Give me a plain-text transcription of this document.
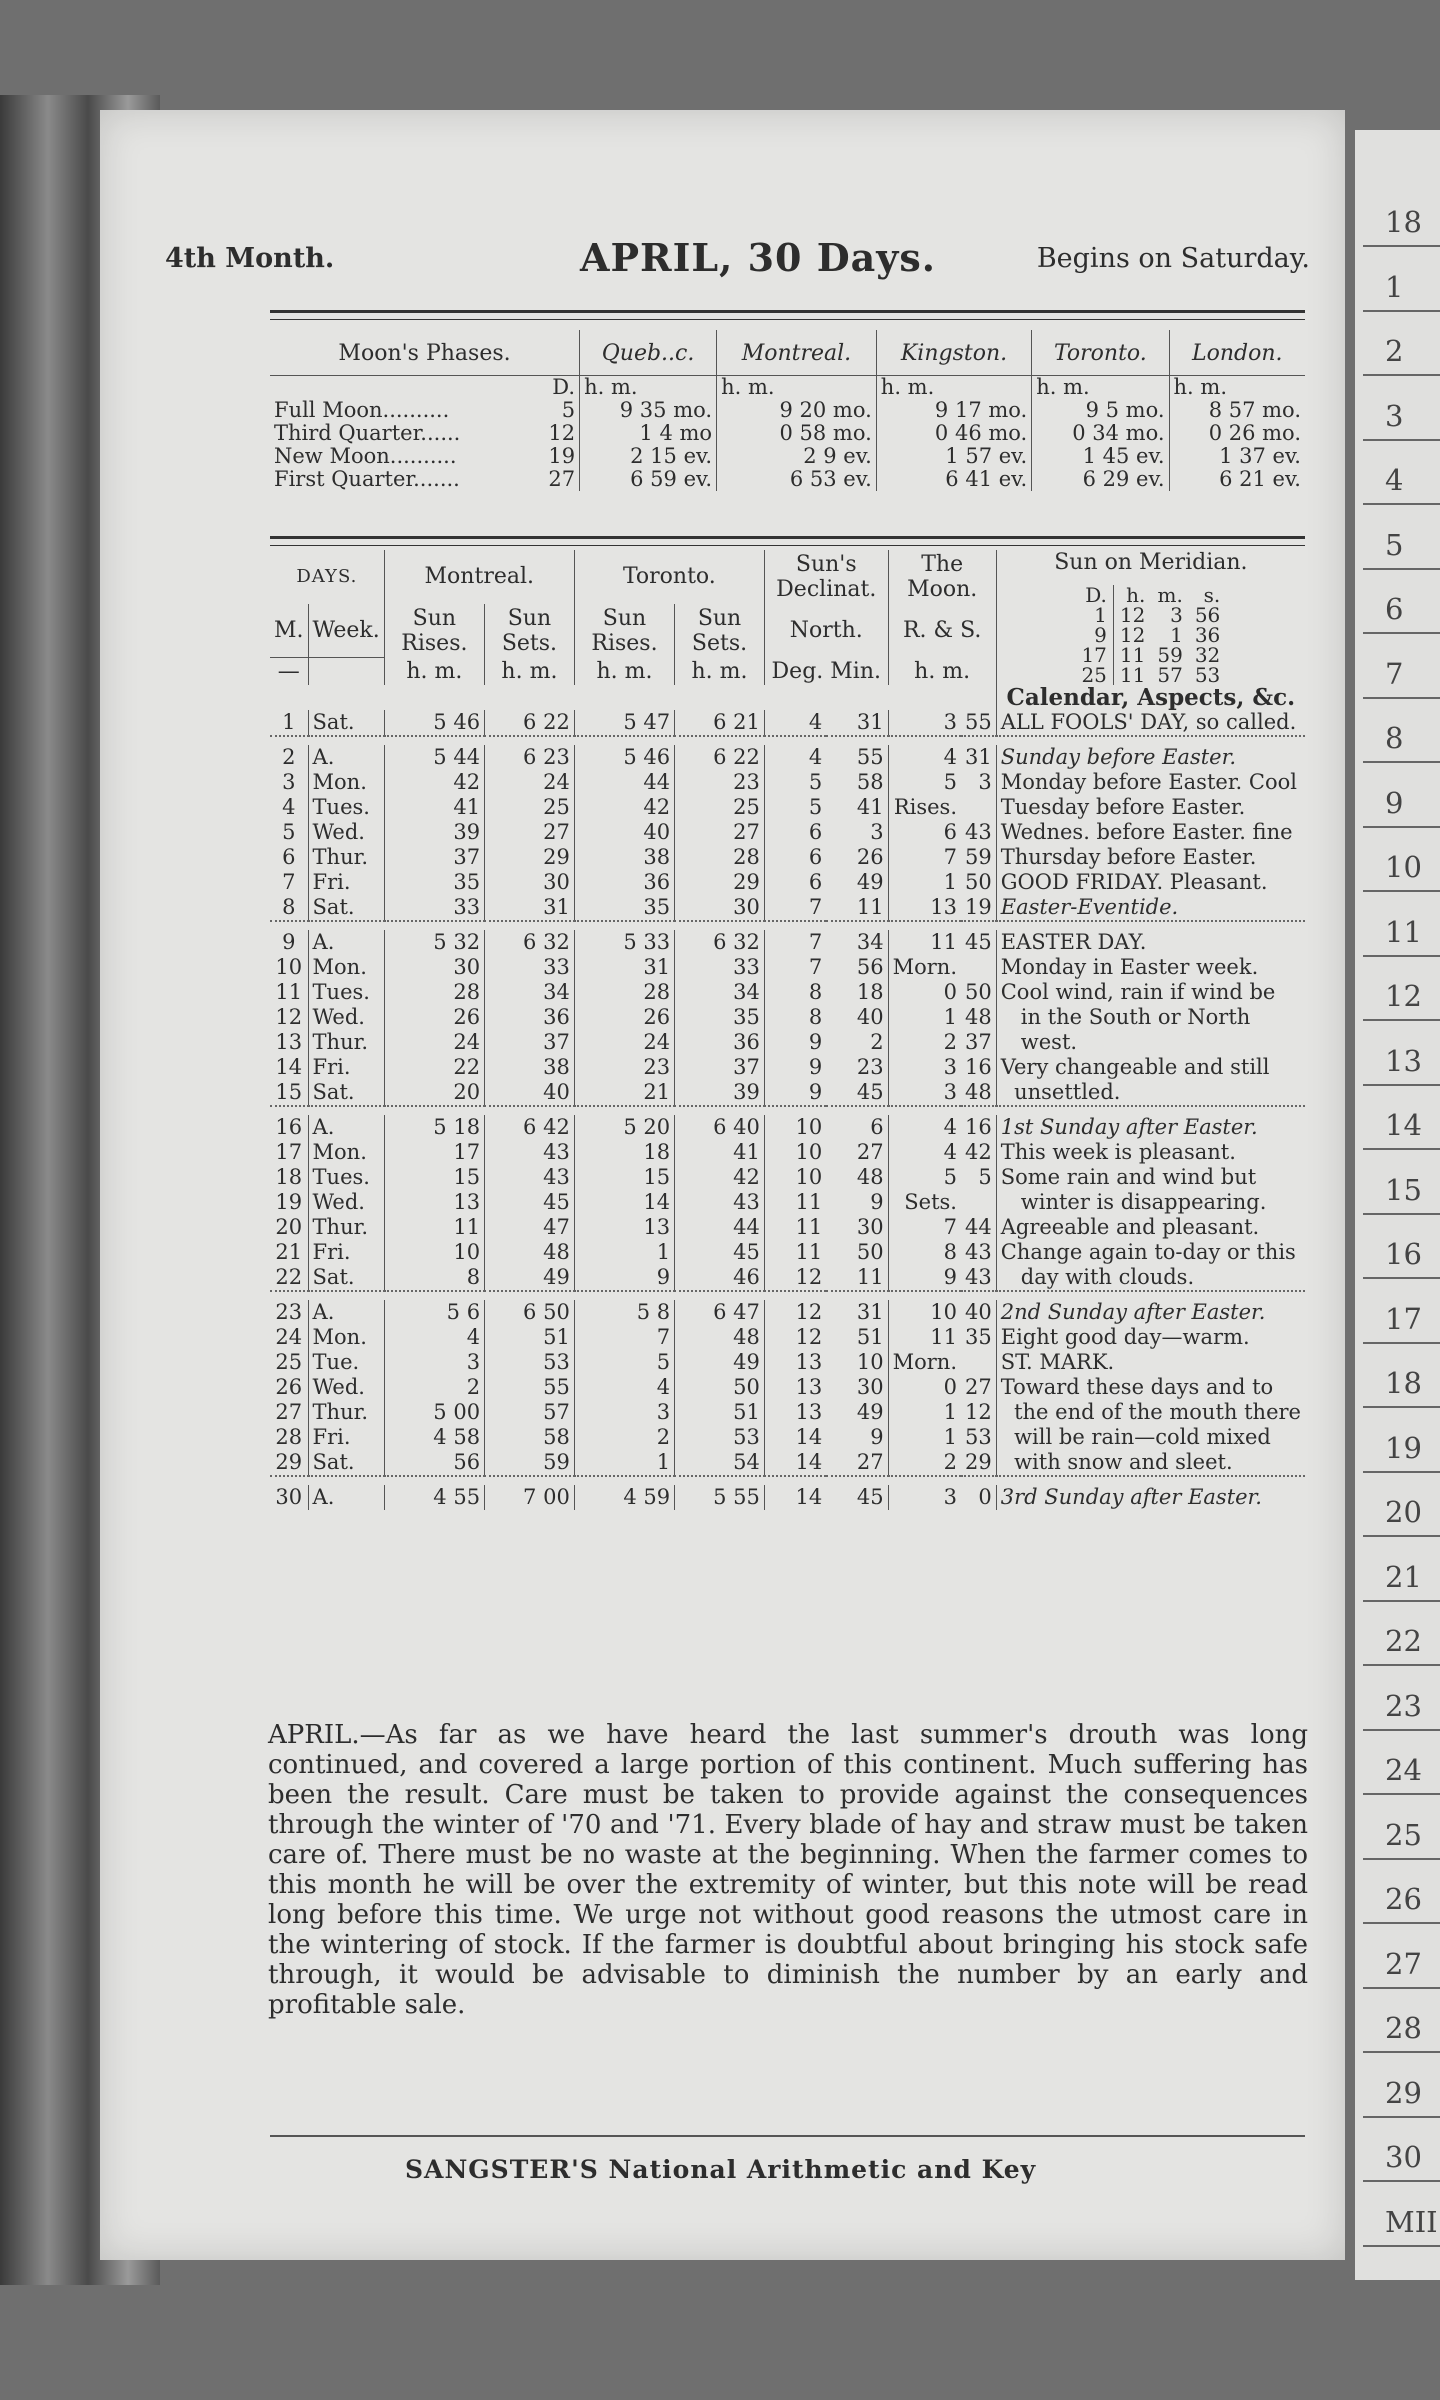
18
1
2
3
4
5
6
7
8
9
10
11
12
13
14
15
16
17
18
19
20
21
22
23
24
25
26
27
28
29
30
MII
4th Month.	APRIL, 30 Days.	Begins on Saturday.
Moon's Phases.		Queb..c.	Montreal.	Kingston.	Toronto.	London.
	D.	h. m.	h. m.	h. m.	h. m.	h. m.
Full Moon..........	5	9 35 mo.	9 20 mo.	9 17 mo.	9 5 mo.	8 57 mo.
Third Quarter......	12	1 4 mo	0 58 mo.	0 46 mo.	0 34 mo.	0 26 mo.
New Moon..........	19	2 15 ev.	2 9 ev.	1 57 ev.	1 45 ev.	1 37 ev.
First Quarter.......	27	6 59 ev.	6 53 ev.	6 41 ev.	6 29 ev.	6 21 ev.
DAYS.	Montreal.	Toronto.	Sun's Declinat.	The Moon.	
Sun on Meridian.
D.	h.	m.	s.
1	12	3	56
9	12	1	36
17	11	59	32
25	11	57	53

M.	Week.	Sun Rises.	Sun Sets.	Sun Rises.	Sun Sets.	North.	R. & S.
—		h. m.	h. m.	h. m.	h. m.	Deg. Min.	h. m.
	Calendar, Aspects, &c.
1	Sat.	5 46	6 22	5 47	6 21	4	31	3	55	ALL FOOLS' DAY, so called.

2	A.	5 44	6 23	5 46	6 22	4	55	4	31	Sunday before Easter.
3	Mon.	42	24	44	23	5	58	5	3	Monday before Easter. Cool
4	Tues.	41	25	42	25	5	41	Rises.		Tuesday before Easter.
5	Wed.	39	27	40	27	6	3	6	43	Wednes. before Easter. fine
6	Thur.	37	29	38	28	6	26	7	59	Thursday before Easter.
7	Fri.	35	30	36	29	6	49	1	50	GOOD FRIDAY. Pleasant.
8	Sat.	33	31	35	30	7	11	13	19	Easter-Eventide.

9	A.	5 32	6 32	5 33	6 32	7	34	11	45	EASTER DAY.
10	Mon.	30	33	31	33	7	56	Morn.		Monday in Easter week.
11	Tues.	28	34	28	34	8	18	0	50	Cool wind, rain if wind be
12	Wed.	26	36	26	35	8	40	1	48	in the South or North
13	Thur.	24	37	24	36	9	2	2	37	west.
14	Fri.	22	38	23	37	9	23	3	16	Very changeable and still
15	Sat.	20	40	21	39	9	45	3	48	unsettled.

16	A.	5 18	6 42	5 20	6 40	10	6	4	16	1st Sunday after Easter.
17	Mon.	17	43	18	41	10	27	4	42	This week is pleasant.
18	Tues.	15	43	15	42	10	48	5	5	Some rain and wind but
19	Wed.	13	45	14	43	11	9	Sets.		winter is disappearing.
20	Thur.	11	47	13	44	11	30	7	44	Agreeable and pleasant.
21	Fri.	10	48	1	45	11	50	8	43	Change again to-day or this
22	Sat.	8	49	9	46	12	11	9	43	day with clouds.

23	A.	5 6	6 50	5 8	6 47	12	31	10	40	2nd Sunday after Easter.
24	Mon.	4	51	7	48	12	51	11	35	Eight good day—warm.
25	Tue.	3	53	5	49	13	10	Morn.		ST. MARK.
26	Wed.	2	55	4	50	13	30	0	27	Toward these days and to
27	Thur.	5 00	57	3	51	13	49	1	12	the end of the mouth there
28	Fri.	4 58	58	2	53	14	9	1	53	will be rain—cold mixed
29	Sat.	56	59	1	54	14	27	2	29	with snow and sleet.

30	A.	4 55	7 00	4 59	5 55	14	45	3	0	3rd Sunday after Easter.
APRIL.—As far as we have heard the last summer's drouth was long continued, and covered a large portion of this continent. Much suffering has been the result. Care must be taken to provide against the consequences through the winter of '70 and '71. Every blade of hay and straw must be taken care of. There must be no waste at the beginning. When the farmer comes to this month he will be over the extremity of winter, but this note will be read long before this time. We urge not without good reasons the utmost care in the wintering of stock. If the farmer is doubtful about bringing his stock safe through, it would be advisable to diminish the number by an early and profitable sale.
SANGSTER'S National Arithmetic and Key
